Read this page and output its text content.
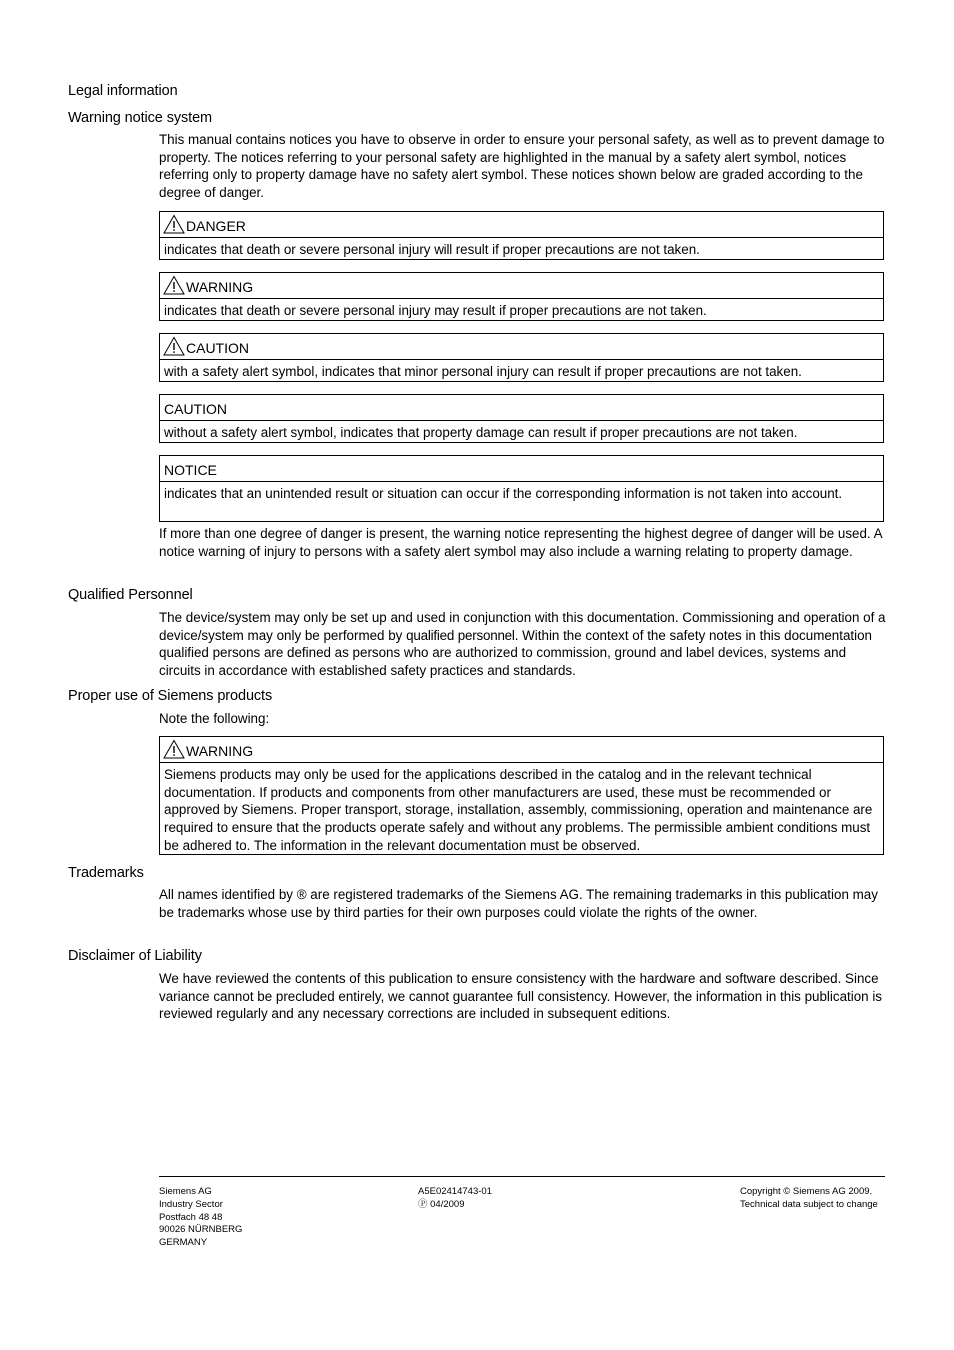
Legal information
Warning notice system

This manual contains notices you have to observe in order to ensure your personal safety, as well as to prevent damage to property. The notices referring to your personal safety are highlighted in the manual by a safety alert symbol, notices referring only to property damage have no safety alert symbol. These notices shown below are graded according to the degree of danger.

DANGER
indicates that death or severe personal injury will result if proper precautions are not taken.
WARNING
indicates that death or severe personal injury may result if proper precautions are not taken.
CAUTION
with a safety alert symbol, indicates that minor personal injury can result if proper precautions are not taken.
CAUTION
without a safety alert symbol, indicates that property damage can result if proper precautions are not taken.
NOTICE
indicates that an unintended result or situation can occur if the corresponding information is not taken into account.

If more than one degree of danger is present, the warning notice representing the highest degree of danger will be used. A notice warning of injury to persons with a safety alert symbol may also include a warning relating to property damage.

Qualified Personnel

The device/system may only be set up and used in conjunction with this documentation. Commissioning and operation of a device/system may only be performed by qualified personnel. Within the context of the safety notes in this documentation qualified persons are defined as persons who are authorized to commission, ground and label devices, systems and circuits in accordance with established safety practices and standards.

Proper use of Siemens products
Note the following:
WARNING
Siemens products may only be used for the applications described in the catalog and in the relevant technical documentation. If products and components from other manufacturers are used, these must be recommended or approved by Siemens. Proper transport, storage, installation, assembly, commissioning, operation and maintenance are required to ensure that the products operate safely and without any problems. The permissible ambient conditions must be adhered to. The information in the relevant documentation must be observed.
Trademarks
All names identified by ® are registered trademarks of the Siemens AG. The remaining trademarks in this publication may be trademarks whose use by third parties for their own purposes could violate the rights of the owner.
Disclaimer of Liability
We have reviewed the contents of this publication to ensure consistency with the hardware and software described. Since variance cannot be precluded entirely, we cannot guarantee full consistency. However, the information in this publication is reviewed regularly and any necessary corrections are included in subsequent editions.
Siemens AG
Industry Sector
Postfach 48 48
90026 NÜRNBERG
GERMANY
A5E02414743-01
Ⓟ 04/2009
Copyright © Siemens AG 2009.
Technical data subject to change
